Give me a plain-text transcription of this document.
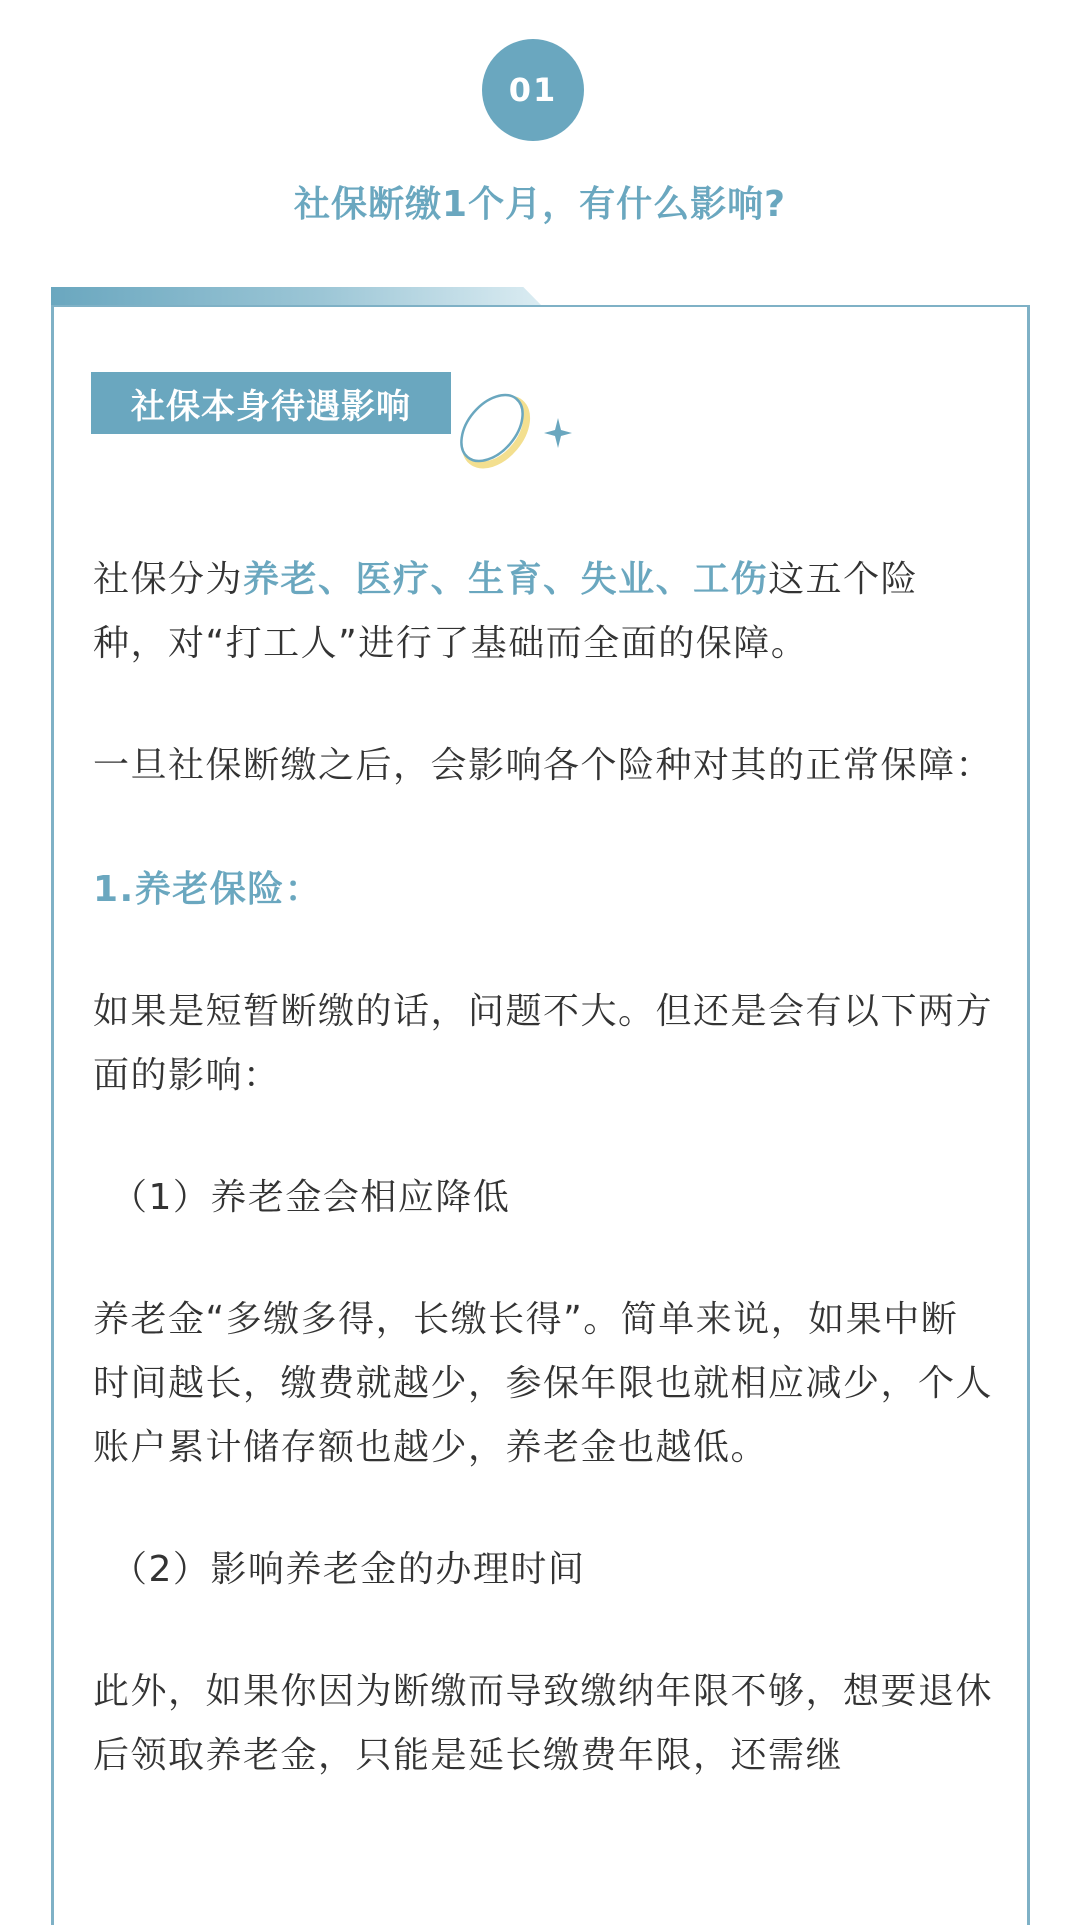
01
社保断缴1个月，有什么影响?
社保本身待遇影响

社保分为养老、医疗、生育、失业、工伤这五个险种，对“打工人”进行了基础而全面的保障。

一旦社保断缴之后，会影响各个险种对其的正常保障：

1.养老保险：

如果是短暂断缴的话，问题不大。但还是会有以下两方面的影响：

（1）养老金会相应降低

养老金“多缴多得，长缴长得”。简单来说，如果中断时间越长，缴费就越少，参保年限也就相应减少，个人账户累计储存额也越少，养老金也越低。

（2）影响养老金的办理时间

此外，如果你因为断缴而导致缴纳年限不够，想要退休后领取养老金，只能是延长缴费年限，还需继
